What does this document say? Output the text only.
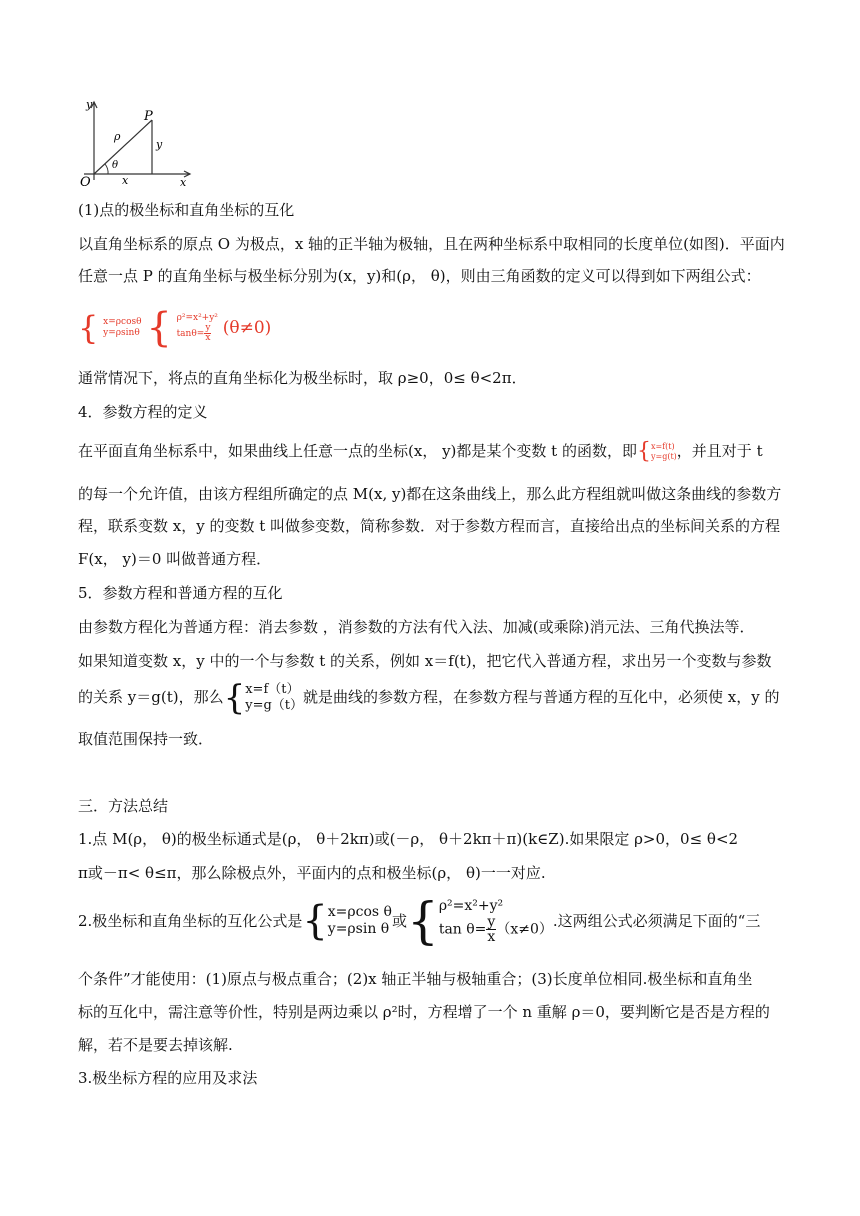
y
P
ρ
θ
y
O	x	x
(1)点的极坐标和直角坐标的互化
以直角坐标系的原点 O 为极点，x 轴的正半轴为极轴，且在两种坐标系中取相同的长度单位(如图)．平面内
任意一点 P 的直角坐标与极坐标分别为(x，y)和(ρ， θ)，则由三角函数的定义可以得到如下两组公式：
{ x=ρcosθ
y=ρsinθ { ρ²=x²+y²
$\tan\theta= \frac{y}{x} (\theta\ne 0)$
通常情况下，将点的直角坐标化为极坐标时，取 ρ≥0，0≤ θ<2π．
4．参数方程的定义
在平面直角坐标系中，如果曲线上任意一点的坐标(x， y)都是某个变数 t 的函数，即{ x=f(t)
y=g(t) ，并且对于 t
的每一个允许值，由该方程组所确定的点 M(x, y)都在这条曲线上，那么此方程组就叫做这条曲线的参数方
程，联系变数 x，y 的变数 t 叫做参变数，简称参数．对于参数方程而言，直接给出点的坐标间关系的方程
F(x， y)＝0 叫做普通方程．
5．参数方程和普通方程的互化
由参数方程化为普通方程：消去参数 ，消参数的方法有代入法、加减(或乘除)消元法、三角代换法等．
如果知道变数 x，y 中的一个与参数 t 的关系，例如 x＝f(t)，把它代入普通方程，求出另一个变数与参数
的关系 y＝g(t)，那么{ x=f（t）
y=g（t） 就是曲线的参数方程，在参数方程与普通方程的互化中，必须使 x，y 的
取值范围保持一致．
三．方法总结
1.点 M(ρ， θ)的极坐标通式是(ρ， θ＋2kπ)或(－ρ， θ＋2kπ＋π)(k∈Z).如果限定 ρ>0，0≤ θ<2
π或－π< θ≤π，那么除极点外，平面内的点和极坐标(ρ， θ)一一对应.
2.极坐标和直角坐标的互化公式是{ x=ρcos θ
y=ρsin θ 或{ ρ²=x²+y²
$\tan \theta= \frac{y}{x} (x\ne 0)$ .这两组公式必须满足下面的“三
个条件”才能使用：(1)原点与极点重合；(2)x 轴正半轴与极轴重合；(3)长度单位相同.极坐标和直角坐
标的互化中，需注意等价性，特别是两边乘以 ρ²时，方程增了一个 n 重解 ρ＝0，要判断它是否是方程的
解，若不是要去掉该解.
3.极坐标方程的应用及求法
